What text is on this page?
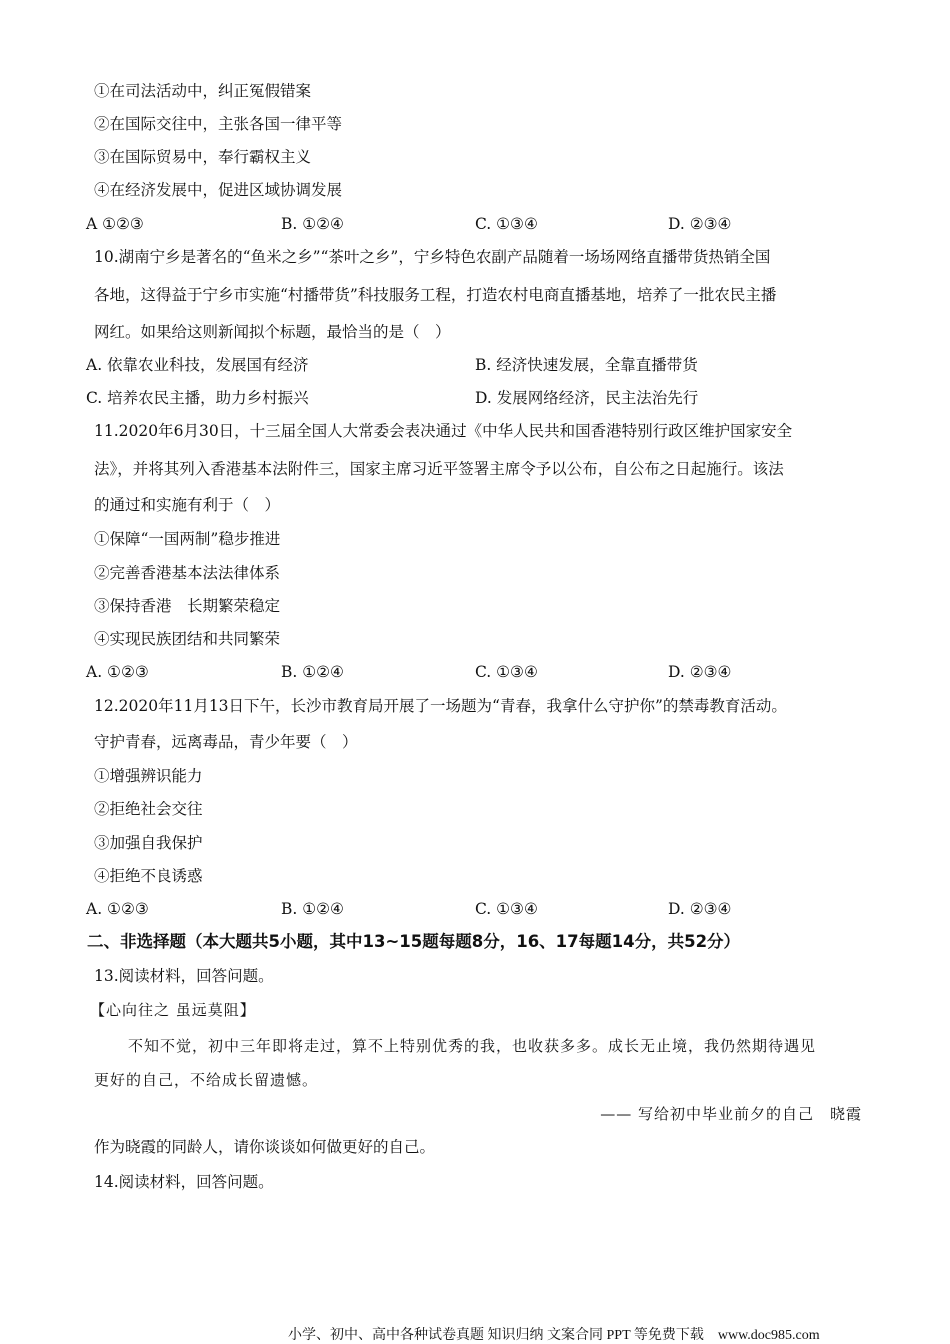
①在司法活动中，纠正冤假错案
②在国际交往中，主张各国一律平等
③在国际贸易中，奉行霸权主义
④在经济发展中，促进区域协调发展
A ①②③	B. ①②④	C. ①③④	D. ②③④
10.湖南宁乡是著名的“鱼米之乡”“茶叶之乡”，宁乡特色农副产品随着一场场网络直播带货热销全国
各地，这得益于宁乡市实施“村播带货”科技服务工程，打造农村电商直播基地，培养了一批农民主播
网红。如果给这则新闻拟个标题，最恰当的是（　）
A. 依靠农业科技，发展国有经济	B. 经济快速发展，全靠直播带货
C. 培养农民主播，助力乡村振兴	D. 发展网络经济，民主法治先行
11.2020年6月30日，十三届全国人大常委会表决通过《中华人民共和国香港特别行政区维护国家安全
法》，并将其列入香港基本法附件三，国家主席习近平签署主席令予以公布，自公布之日起施行。该法
的通过和实施有利于（　）
①保障“一国两制”稳步推进
②完善香港基本法法律体系
③保持香港　长期繁荣稳定
④实现民族团结和共同繁荣
A. ①②③	B. ①②④	C. ①③④	D. ②③④
12.2020年11月13日下午，长沙市教育局开展了一场题为“青春，我拿什么守护你”的禁毒教育活动。
守护青春，远离毒品，青少年要（　）
①增强辨识能力
②拒绝社会交往
③加强自我保护
④拒绝不良诱惑
A. ①②③	B. ①②④	C. ①③④	D. ②③④
二、非选择题（本大题共5小题，其中13~15题每题8分，16、17每题14分，共52分）
13.阅读材料，回答问题。
【心向往之 虽远莫阻】
不知不觉，初中三年即将走过，算不上特别优秀的我，也收获多多。成长无止境，我仍然期待遇见
更好的自己，不给成长留遗憾。
—— 写给初中毕业前夕的自己　晓霞
作为晓霞的同龄人，请你谈谈如何做更好的自己。
14.阅读材料，回答问题。
小学、初中、高中各种试卷真题 知识归纳 文案合同 PPT 等免费下载　www.doc985.com
